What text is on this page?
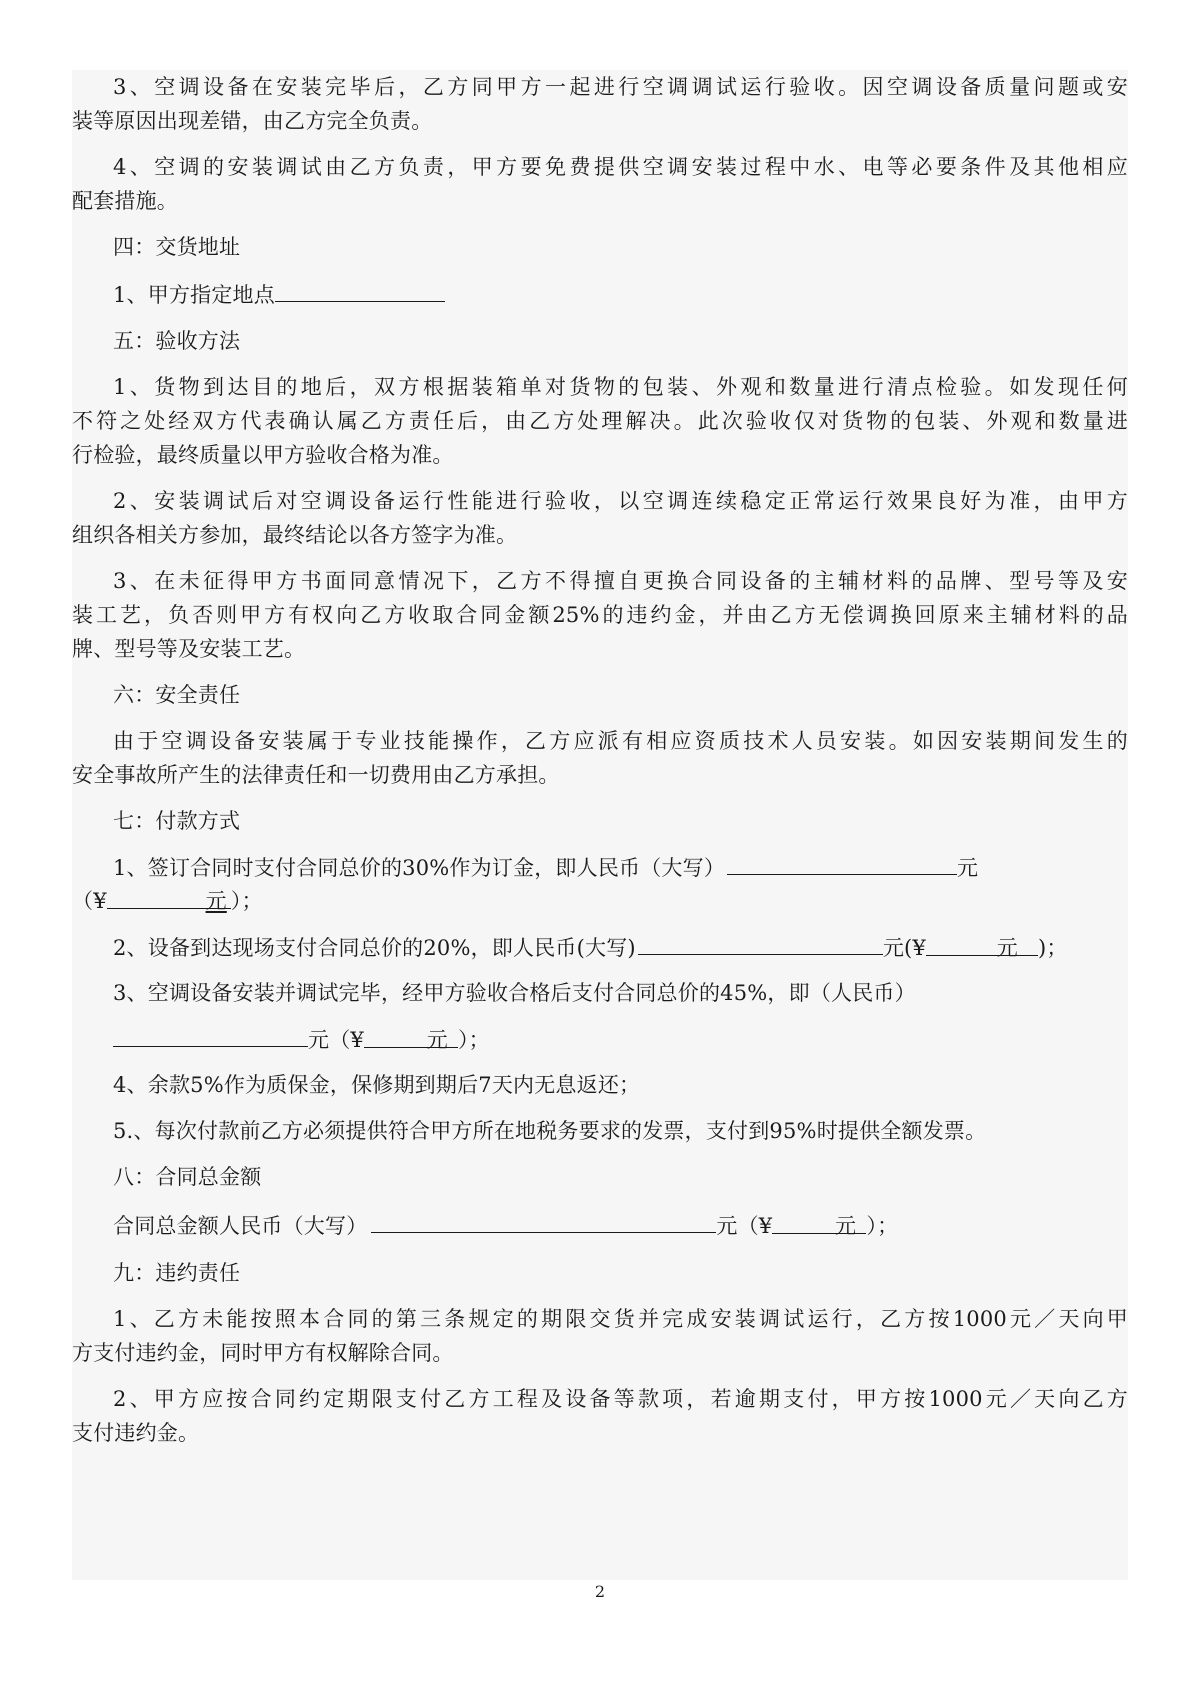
3、空调设备在安装完毕后，乙方同甲方一起进行空调调试运行验收。因空调设备质量问题或安
装等原因出现差错，由乙方完全负责。
4、空调的安装调试由乙方负责，甲方要免费提供空调安装过程中水、电等必要条件及其他相应
配套措施。
四：交货地址
1、甲方指定地点
五：验收方法
1、货物到达目的地后，双方根据装箱单对货物的包装、外观和数量进行清点检验。如发现任何
不符之处经双方代表确认属乙方责任后，由乙方处理解决。此次验收仅对货物的包装、外观和数量进
行检验，最终质量以甲方验收合格为准。
2、安装调试后对空调设备运行性能进行验收，以空调连续稳定正常运行效果良好为准，由甲方
组织各相关方参加，最终结论以各方签字为准。
3、在未征得甲方书面同意情况下，乙方不得擅自更换合同设备的主辅材料的品牌、型号等及安
装工艺，负否则甲方有权向乙方收取合同金额25%的违约金，并由乙方无偿调换回原来主辅材料的品
牌、型号等及安装工艺。
六：安全责任
由于空调设备安装属于专业技能操作，乙方应派有相应资质技术人员安装。如因安装期间发生的
安全事故所产生的法律责任和一切费用由乙方承担。
七：付款方式
1、签订合同时支付合同总价的30%作为订金，即人民币（大写）	元
（¥	元 ）；
2、设备到达现场支付合同总价的20%，即人民币(大写)	元(¥	元 )；
3、空调设备安装并调试完毕，经甲方验收合格后支付合同总价的45%，即（人民币）
元（¥	元 ）；
4、余款5%作为质保金，保修期到期后7天内无息返还；
5.、每次付款前乙方必须提供符合甲方所在地税务要求的发票，支付到95%时提供全额发票。
八：合同总金额
合同总金额人民币（大写）	元（¥	元 ）；
九：违约责任
1、乙方未能按照本合同的第三条规定的期限交货并完成安装调试运行，乙方按1000元／天向甲
方支付违约金，同时甲方有权解除合同。
2、甲方应按合同约定期限支付乙方工程及设备等款项，若逾期支付，甲方按1000元／天向乙方
支付违约金。
2
